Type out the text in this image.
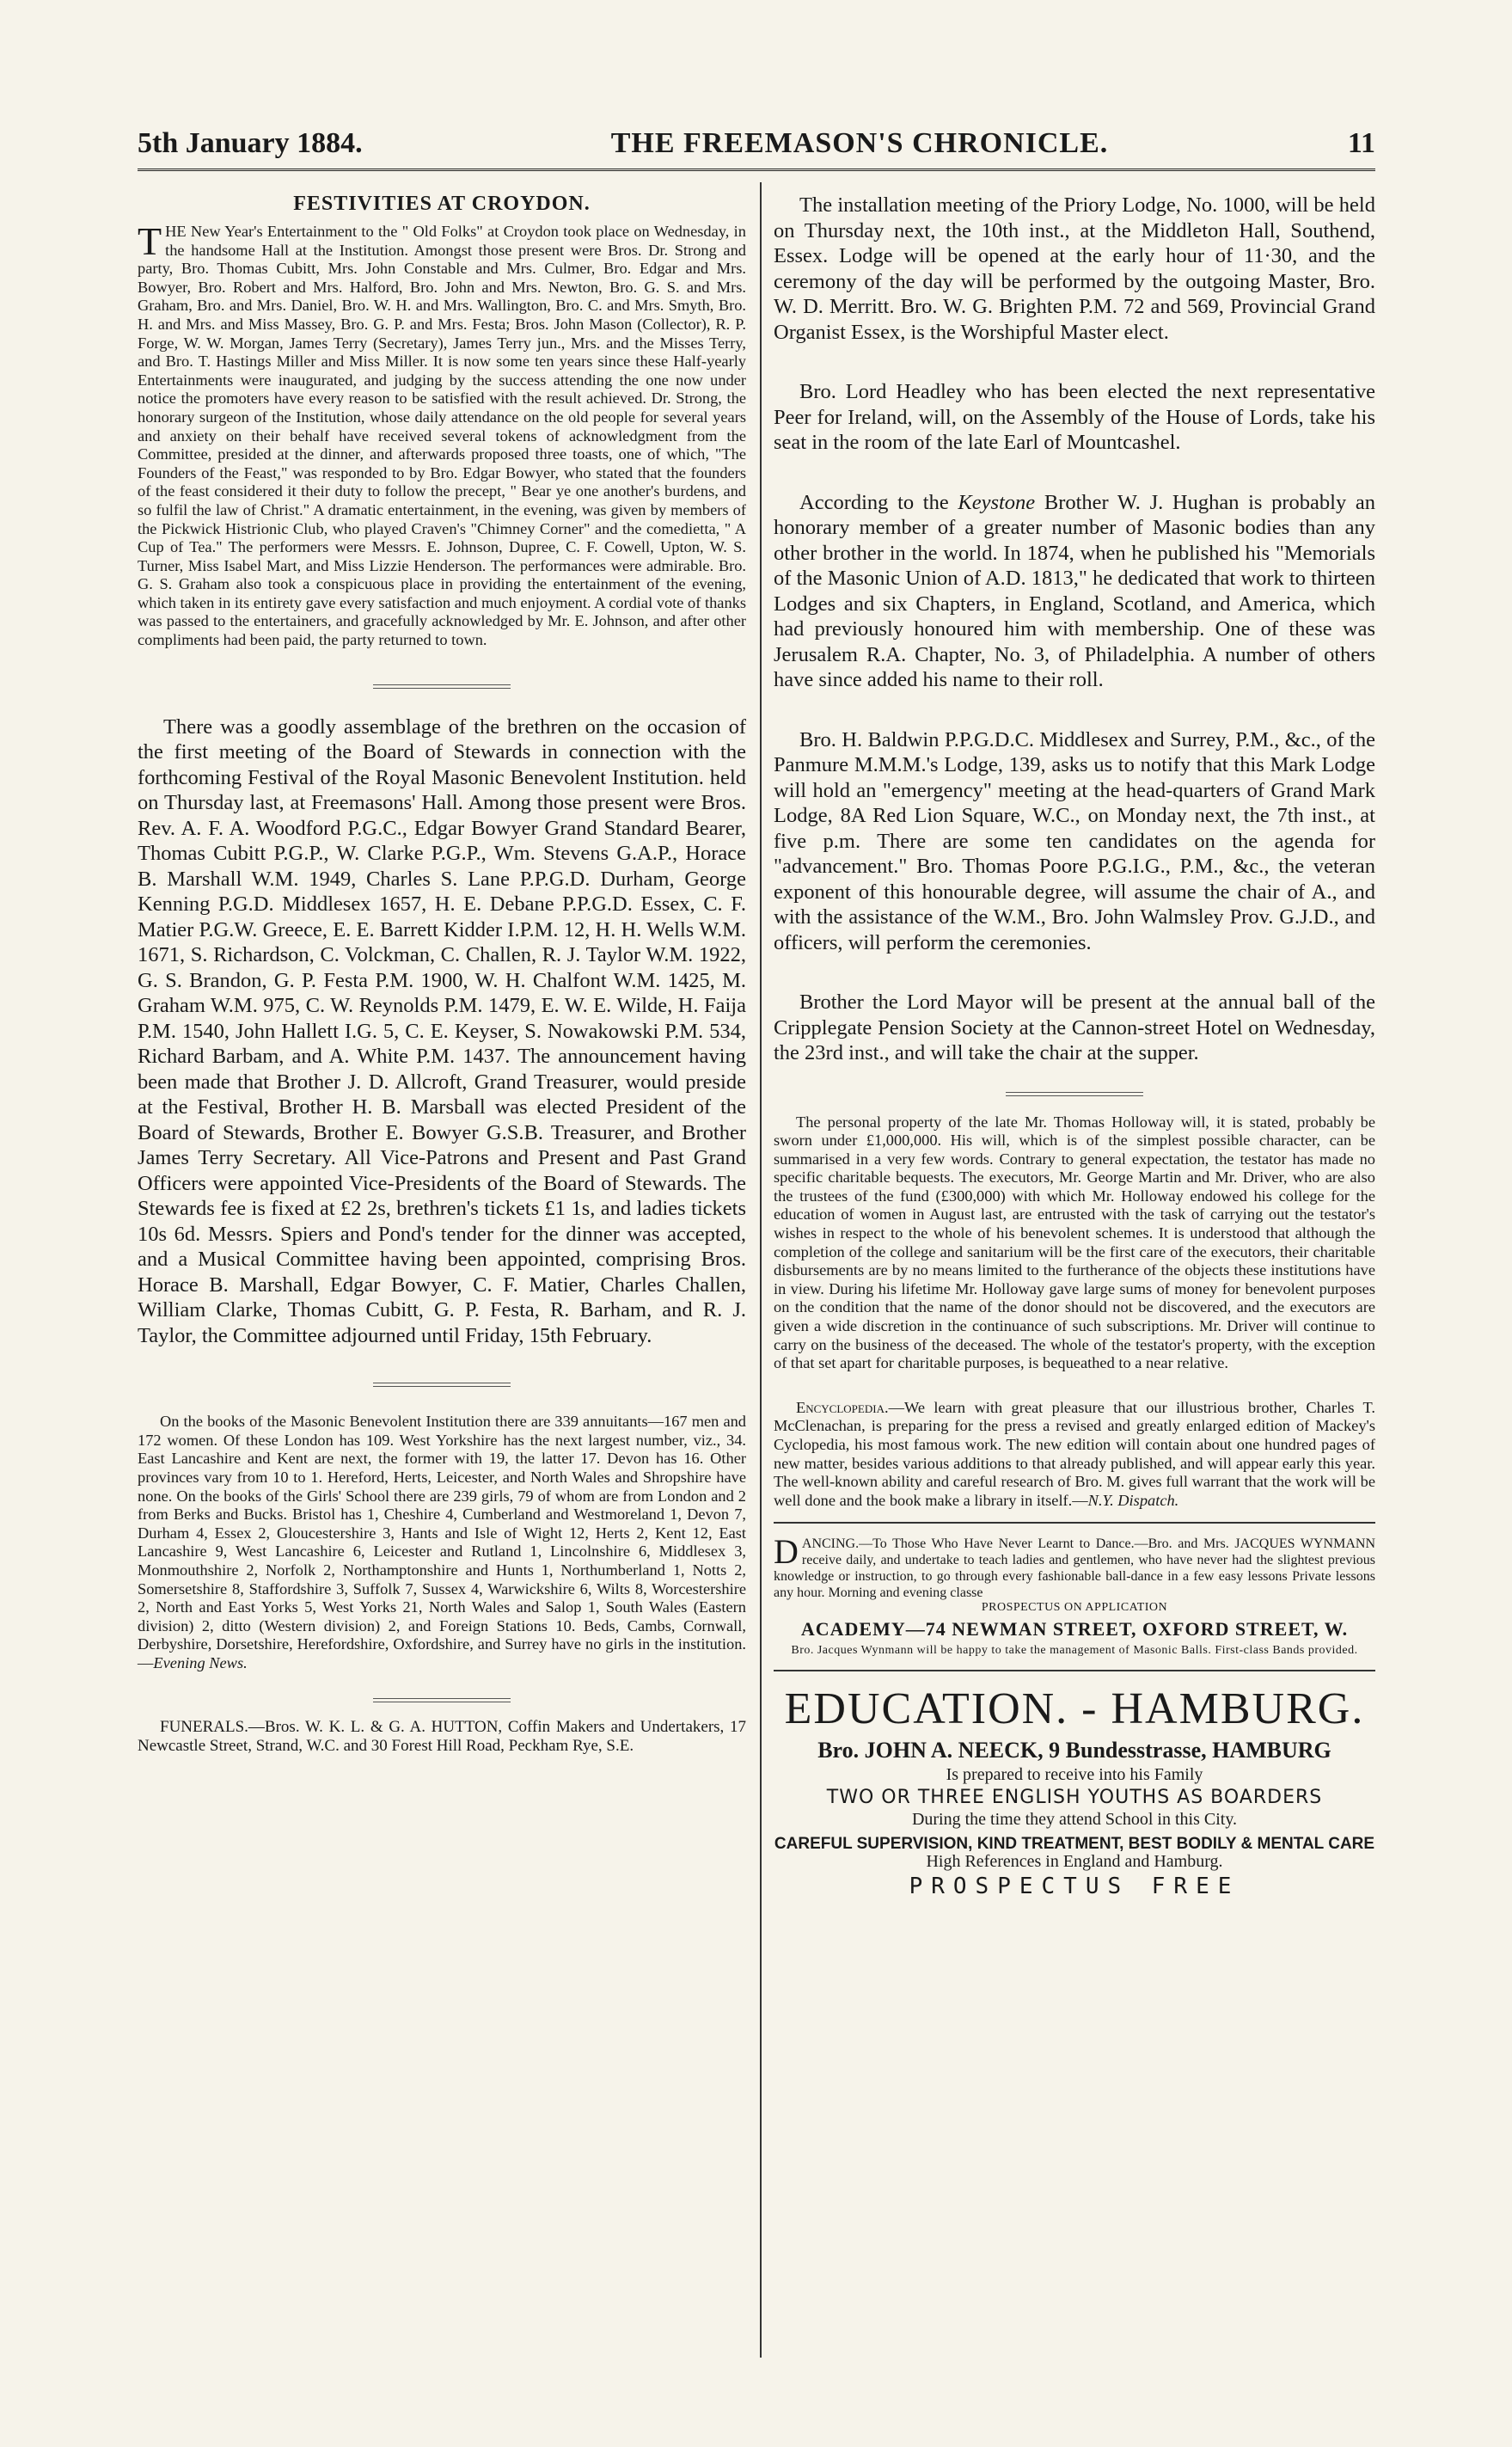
5th January 1884.	THE FREEMASON'S CHRONICLE.	11
FESTIVITIES AT CROYDON.

THE New Year's Entertainment to the " Old Folks" at Croydon took place on Wednesday, in the handsome Hall at the Institution. Amongst those present were Bros. Dr. Strong and party, Bro. Thomas Cubitt, Mrs. John Constable and Mrs. Culmer, Bro. Edgar and Mrs. Bowyer, Bro. Robert and Mrs. Halford, Bro. John and Mrs. Newton, Bro. G. S. and Mrs. Graham, Bro. and Mrs. Daniel, Bro. W. H. and Mrs. Wallington, Bro. C. and Mrs. Smyth, Bro. H. and Mrs. and Miss Massey, Bro. G. P. and Mrs. Festa; Bros. John Mason (Collector), R. P. Forge, W. W. Morgan, James Terry (Secretary), James Terry jun., Mrs. and the Misses Terry, and Bro. T. Hastings Miller and Miss Miller. It is now some ten years since these Half-yearly Entertainments were inaugurated, and judging by the success attending the one now under notice the promoters have every reason to be satisfied with the result achieved. Dr. Strong, the honorary surgeon of the Institution, whose daily attendance on the old people for several years and anxiety on their behalf have received several tokens of acknowledgment from the Committee, presided at the dinner, and afterwards proposed three toasts, one of which, "The Founders of the Feast," was responded to by Bro. Edgar Bowyer, who stated that the founders of the feast considered it their duty to follow the precept, " Bear ye one another's burdens, and so fulfil the law of Christ." A dramatic entertainment, in the evening, was given by members of the Pickwick Histrionic Club, who played Craven's "Chimney Corner" and the comedietta, " A Cup of Tea." The performers were Messrs. E. Johnson, Dupree, C. F. Cowell, Upton, W. S. Turner, Miss Isabel Mart, and Miss Lizzie Henderson. The performances were admirable. Bro. G. S. Graham also took a conspicuous place in providing the entertainment of the evening, which taken in its entirety gave every satisfaction and much enjoyment. A cordial vote of thanks was passed to the entertainers, and gracefully acknowledged by Mr. E. Johnson, and after other compliments had been paid, the party returned to town.

There was a goodly assemblage of the brethren on the occasion of the first meeting of the Board of Stewards in connection with the forthcoming Festival of the Royal Masonic Benevolent Institution. held on Thursday last, at Freemasons' Hall. Among those present were Bros. Rev. A. F. A. Woodford P.G.C., Edgar Bowyer Grand Standard Bearer, Thomas Cubitt P.G.P., W. Clarke P.G.P., Wm. Stevens G.A.P., Horace B. Marshall W.M. 1949, Charles S. Lane P.P.G.D. Durham, George Kenning P.G.D. Middlesex 1657, H. E. Debane P.P.G.D. Essex, C. F. Matier P.G.W. Greece, E. E. Barrett Kidder I.P.M. 12, H. H. Wells W.M. 1671, S. Richardson, C. Volckman, C. Challen, R. J. Taylor W.M. 1922, G. S. Brandon, G. P. Festa P.M. 1900, W. H. Chalfont W.M. 1425, M. Graham W.M. 975, C. W. Reynolds P.M. 1479, E. W. E. Wilde, H. Faija P.M. 1540, John Hallett I.G. 5, C. E. Keyser, S. Nowakowski P.M. 534, Richard Barbam, and A. White P.M. 1437. The announcement having been made that Brother J. D. Allcroft, Grand Treasurer, would preside at the Festival, Brother H. B. Marsball was elected President of the Board of Stewards, Brother E. Bowyer G.S.B. Treasurer, and Brother James Terry Secretary. All Vice-Patrons and Present and Past Grand Officers were appointed Vice-Presidents of the Board of Stewards. The Stewards fee is fixed at £2 2s, brethren's tickets £1 1s, and ladies tickets 10s 6d. Messrs. Spiers and Pond's tender for the dinner was accepted, and a Musical Committee having been appointed, comprising Bros. Horace B. Marshall, Edgar Bowyer, C. F. Matier, Charles Challen, William Clarke, Thomas Cubitt, G. P. Festa, R. Barham, and R. J. Taylor, the Committee adjourned until Friday, 15th February.

On the books of the Masonic Benevolent Institution there are 339 annuitants—167 men and 172 women. Of these London has 109. West Yorkshire has the next largest number, viz., 34. East Lancashire and Kent are next, the former with 19, the latter 17. Devon has 16. Other provinces vary from 10 to 1. Hereford, Herts, Leicester, and North Wales and Shropshire have none. On the books of the Girls' School there are 239 girls, 79 of whom are from London and 2 from Berks and Bucks. Bristol has 1, Cheshire 4, Cumberland and Westmoreland 1, Devon 7, Durham 4, Essex 2, Gloucestershire 3, Hants and Isle of Wight 12, Herts 2, Kent 12, East Lancashire 9, West Lancashire 6, Leicester and Rutland 1, Lincolnshire 6, Middlesex 3, Monmouthshire 2, Norfolk 2, Northamptonshire and Hunts 1, Northumberland 1, Notts 2, Somersetshire 8, Staffordshire 3, Suffolk 7, Sussex 4, Warwickshire 6, Wilts 8, Worcestershire 2, North and East Yorks 5, West Yorks 21, North Wales and Salop 1, South Wales (Eastern division) 2, ditto (Western division) 2, and Foreign Stations 10. Beds, Cambs, Cornwall, Derbyshire, Dorsetshire, Herefordshire, Oxfordshire, and Surrey have no girls in the institution.—Evening News.

FUNERALS.—Bros. W. K. L. & G. A. HUTTON, Coffin Makers and Undertakers, 17 Newcastle Street, Strand, W.C. and 30 Forest Hill Road, Peckham Rye, S.E.

The installation meeting of the Priory Lodge, No. 1000, will be held on Thursday next, the 10th inst., at the Middleton Hall, Southend, Essex. Lodge will be opened at the early hour of 11·30, and the ceremony of the day will be performed by the outgoing Master, Bro. W. D. Merritt. Bro. W. G. Brighten P.M. 72 and 569, Provincial Grand Organist Essex, is the Worshipful Master elect.

Bro. Lord Headley who has been elected the next representative Peer for Ireland, will, on the Assembly of the House of Lords, take his seat in the room of the late Earl of Mountcashel.

According to the Keystone Brother W. J. Hughan is probably an honorary member of a greater number of Masonic bodies than any other brother in the world. In 1874, when he published his "Memorials of the Masonic Union of A.D. 1813," he dedicated that work to thirteen Lodges and six Chapters, in England, Scotland, and America, which had previously honoured him with membership. One of these was Jerusalem R.A. Chapter, No. 3, of Philadelphia. A number of others have since added his name to their roll.

Bro. H. Baldwin P.P.G.D.C. Middlesex and Surrey, P.M., &c., of the Panmure M.M.M.'s Lodge, 139, asks us to notify that this Mark Lodge will hold an "emergency" meeting at the head-quarters of Grand Mark Lodge, 8A Red Lion Square, W.C., on Monday next, the 7th inst., at five p.m. There are some ten candidates on the agenda for "advancement." Bro. Thomas Poore P.G.I.G., P.M., &c., the veteran exponent of this honourable degree, will assume the chair of A., and with the assistance of the W.M., Bro. John Walmsley Prov. G.J.D., and officers, will perform the ceremonies.

Brother the Lord Mayor will be present at the annual ball of the Cripplegate Pension Society at the Cannon-street Hotel on Wednesday, the 23rd inst., and will take the chair at the supper.

The personal property of the late Mr. Thomas Holloway will, it is stated, probably be sworn under £1,000,000. His will, which is of the simplest possible character, can be summarised in a very few words. Contrary to general expectation, the testator has made no specific charitable bequests. The executors, Mr. George Martin and Mr. Driver, who are also the trustees of the fund (£300,000) with which Mr. Holloway endowed his college for the education of women in August last, are entrusted with the task of carrying out the testator's wishes in respect to the whole of his benevolent schemes. It is understood that although the completion of the college and sanitarium will be the first care of the executors, their charitable disbursements are by no means limited to the furtherance of the objects these institutions have in view. During his lifetime Mr. Holloway gave large sums of money for benevolent purposes on the condition that the name of the donor should not be discovered, and the executors are given a wide discretion in the continuance of such subscriptions. Mr. Driver will continue to carry on the business of the deceased. The whole of the testator's property, with the exception of that set apart for charitable purposes, is bequeathed to a near relative.

Encyclopedia.—We learn with great pleasure that our illustrious brother, Charles T. McClenachan, is preparing for the press a revised and greatly enlarged edition of Mackey's Cyclopedia, his most famous work. The new edition will contain about one hundred pages of new matter, besides various additions to that already published, and will appear early this year. The well-known ability and careful research of Bro. M. gives full warrant that the work will be well done and the book make a library in itself.—N.Y. Dispatch.

DANCING.—To Those Who Have Never Learnt to Dance.—Bro. and Mrs. JACQUES WYNMANN receive daily, and undertake to teach ladies and gentlemen, who have never had the slightest previous knowledge or instruction, to go through every fashionable ball-dance in a few easy lessons Private lessons any hour. Morning and evening classe

PROSPECTUS ON APPLICATION
ACADEMY—74 NEWMAN STREET, OXFORD STREET, W.
Bro. Jacques Wynmann will be happy to take the management of Masonic Balls. First-class Bands provided.
EDUCATION. - HAMBURG.
Bro. JOHN A. NEECK, 9 Bundesstrasse, HAMBURG
Is prepared to receive into his Family
TWO OR THREE ENGLISH YOUTHS AS BOARDERS
During the time they attend School in this City.
CAREFUL SUPERVISION, KIND TREATMENT, BEST BODILY & MENTAL CARE
High References in England and Hamburg.
PROSPECTUS FREE
